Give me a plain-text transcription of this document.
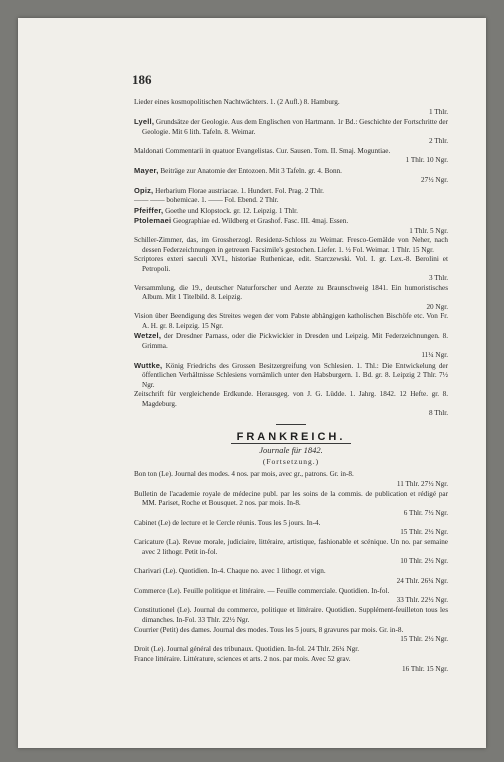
186

Lieder eines kosmopolitischen Nachtwächters. 1. (2 Aufl.) 8. Hamburg.
1 Thlr.

Lyell, Grundsätze der Geologie. Aus dem Englischen von Hartmann. 1r Bd.: Geschichte der Fortschritte der Geologie. Mit 6 lith. Tafeln. 8. Weimar.
2 Thlr.

Maldonati Commentarii in quatuor Evangelistas. Cur. Sausen. Tom. II. Smaj. Moguntiae.
1 Thlr. 10 Ngr.

Mayer, Beiträge zur Anatomie der Entozoen. Mit 3 Tafeln. gr. 4. Bonn.
27½ Ngr.

Opiz, Herbarium Florae austriacae. 1. Hundert. Fol. Prag. 2 Thlr.

—— —— bohemicae. 1. —— Fol. Ebend. 2 Thlr.

Pfeiffer, Goethe und Klopstock. gr. 12. Leipzig. 1 Thlr.

Ptolemaei Geographiae ed. Wildberg et Grashof. Fasc. III. 4maj. Essen.
1 Thlr. 5 Ngr.

Schiller-Zimmer, das, im Grossherzogl. Residenz-Schloss zu Weimar. Fresco-Gemälde von Neher, nach dessen Federzeichnungen in getreuen Facsimile's gestochen. Liefer. 1. ½ Fol. Weimar. 1 Thlr. 15 Ngr.

Scriptores exteri saeculi XVI., historiae Ruthenicae, edit. Starczewski. Vol. I. gr. Lex.-8. Berolini et Petropoli.
3 Thlr.

Versammlung, die 19., deutscher Naturforscher und Aerzte zu Braunschweig 1841. Ein humoristisches Album. Mit 1 Titelbild. 8. Leipzig.
20 Ngr.

Vision über Beendigung des Streites wegen der vom Pabste abhängigen katholischen Bischöfe etc. Von Fr. A. H. gr. 8. Leipzig. 15 Ngr.

Wetzel, der Dresdner Parnass, oder die Pickwickier in Dresden und Leipzig. Mit Federzeichnungen. 8. Grimma.
11¼ Ngr.

Wuttke, König Friedrichs des Grossen Besitzergreifung von Schlesien. 1. Thl.: Die Entwickelung der öffentlichen Verhältnisse Schlesiens vornämlich unter den Habsburgern. 1. Bd. gr. 8. Leipzig 2 Thlr. 7½ Ngr.

Zeitschrift für vergleichende Erdkunde. Herausgeg. von J. G. Lüdde. 1. Jahrg. 1842. 12 Hefte. gr. 8. Magdeburg.
8 Thlr.

FRANKREICH.
Journale für 1842.
(Fortsetzung.)

Bon ton (Le). Journal des modes. 4 nos. par mois, avec gr., patrons. Gr. in-8.
11 Thlr. 27½ Ngr.

Bulletin de l'academie royale de médecine publ. par les soins de la commis. de publication et rédigé par MM. Pariset, Roche et Bousquet. 2 nos. par mois. In-8.
6 Thlr. 7½ Ngr.

Cabinet (Le) de lecture et le Cercle réunis. Tous les 5 jours. In-4.
15 Thlr. 2½ Ngr.

Caricature (La). Revue morale, judiciaire, littéraire, artistique, fashionable et scénique. Un no. par semaine avec 2 lithogr. Petit in-fol.
10 Thlr. 2½ Ngr.

Charivari (Le). Quotidien. In-4. Chaque no. avec 1 lithogr. et vign.
24 Thlr. 26¼ Ngr.

Commerce (Le). Feuille politique et littéraire. — Feuille commerciale. Quotidien. In-fol.
33 Thlr. 22½ Ngr.

Constitutionel (Le). Journal du commerce, politique et littéraire. Quotidien. Supplément-feuilleton tous les dimanches. In-Fol. 33 Thlr. 22½ Ngr.

Courrier (Petit) des dames. Journal des modes. Tous les 5 jours, 8 gravures par mois. Gr. in-8.
15 Thlr. 2½ Ngr.

Droit (Le). Journal général des tribunaux. Quotidien. In-fol. 24 Thlr. 26¼ Ngr.

France littéraire. Littérature, sciences et arts. 2 nos. par mois. Avec 52 grav.
16 Thlr. 15 Ngr.
